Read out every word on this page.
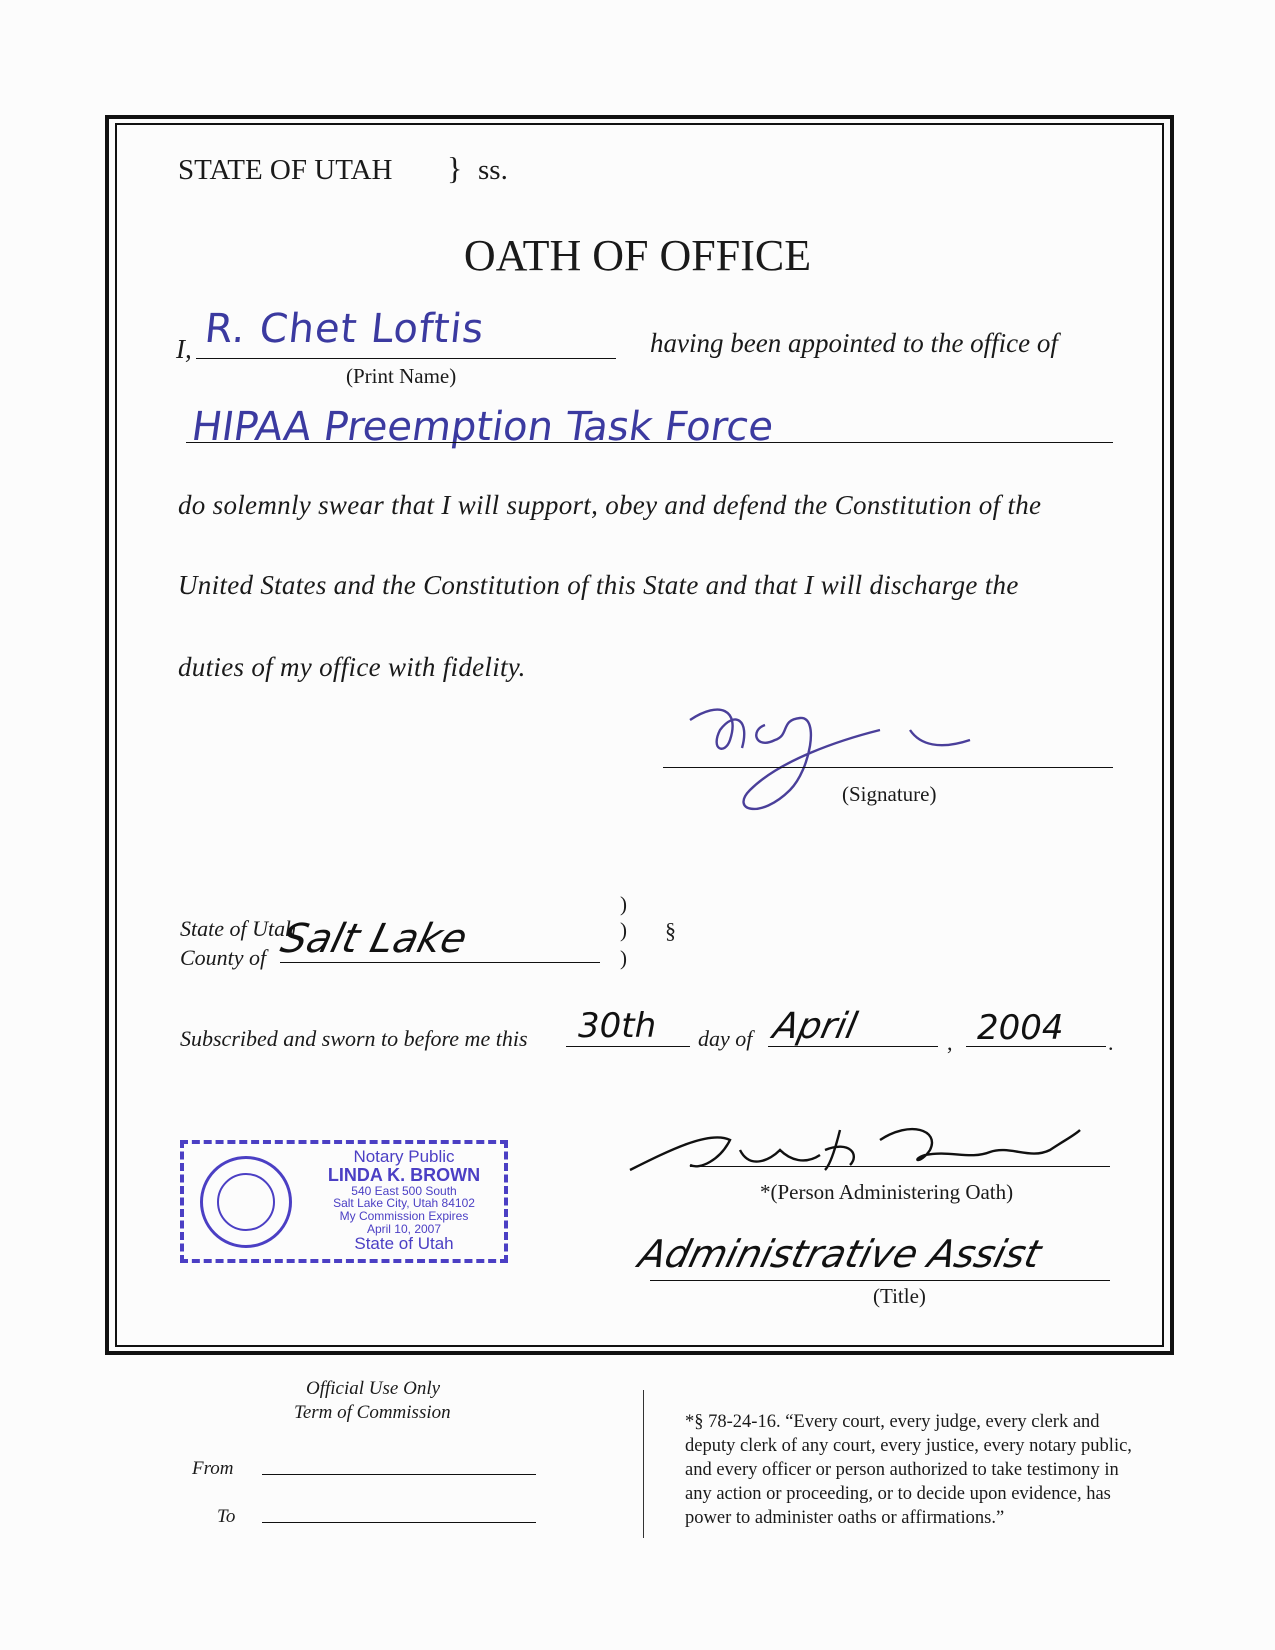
STATE OF UTAH } ss.
OATH OF OFFICE
I, R. Chet Loftis
(Print Name)
having been appointed to the office of
HIPAA Preemption Task Force
do solemnly swear that I will support, obey and defend the Constitution of the
United States and the Constitution of this State and that I will discharge the
duties of my office with fidelity.
(Signature)
State of Utah
County of Salt Lake
)
)
)
§
Subscribed and sworn to before me this 30th day of April	, 2004 .
Notary Public
LINDA K. BROWN
540 East 500 South
Salt Lake City, Utah 84102
My Commission Expires
April 10, 2007
State of Utah
*(Person Administering Oath)
Administrative Assist
(Title)
Official Use Only
Term of Commission
From
To
*§ 78-24-16. “Every court, every judge, every clerk and
deputy clerk of any court, every justice, every notary public,
and every officer or person authorized to take testimony in
any action or proceeding, or to decide upon evidence, has
power to administer oaths or affirmations.”
